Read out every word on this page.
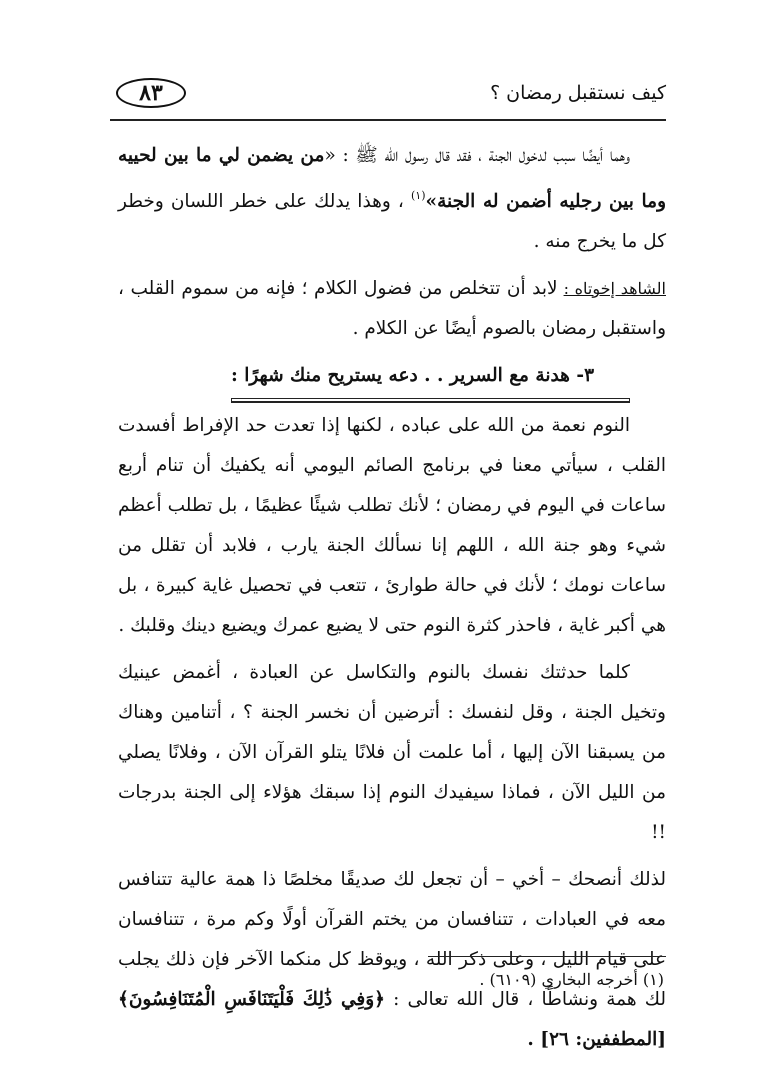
٨٣	كيف نستقبل رمضان ؟

وهما أيضًا سبب لدخول الجنة ، فقد قال رسول الله ﷺ : «من يضمن لي ما بين لحييه وما بين رجليه أضمن له الجنة»$^{(١)}$ ، وهذا يدلك على خطر اللسان وخطر كل ما يخرج منه .

الشاهد إخوتاه :لابد أن تتخلص من فضول الكلام ؛ فإنه من سموم القلب ، واستقبل رمضان بالصوم أيضًا عن الكلام .

٣- هدنة مع السرير . . دعه يستريح منك شهرًا :

النوم نعمة من الله على عباده ، لكنها إذا تعدت حد الإفراط أفسدت القلب ، سيأتي معنا في برنامج الصائم اليومي أنه يكفيك أن تنام أربع ساعات في اليوم في رمضان ؛ لأنك تطلب شيئًا عظيمًا ، بل تطلب أعظم شيء وهو جنة الله ، اللهم إنا نسألك الجنة يارب ، فلابد أن تقلل من ساعات نومك ؛ لأنك في حالة طوارئ ، تتعب في تحصيل غاية كبيرة ، بل هي أكبر غاية ، فاحذر كثرة النوم حتى لا يضيع عمرك ويضيع دينك وقلبك .

كلما حدثتك نفسك بالنوم والتكاسل عن العبادة ، أغمض عينيك وتخيل الجنة ، وقل لنفسك : أترضين أن نخسر الجنة ؟ ، أتنامين وهناك من يسبقنا الآن إليها ، أما علمت أن فلانًا يتلو القرآن الآن ، وفلانًا يصلي من الليل الآن ، فماذا سيفيدك النوم إذا سبقك هؤلاء إلى الجنة بدرجات !!

لذلك أنصحك – أخي – أن تجعل لك صديقًا مخلصًا ذا همة عالية تتنافس معه في العبادات ، تتنافسان من يختم القرآن أولًا وكم مرة ، تتنافسان على قيام الليل ، وعلى ذكر الله ، ويوقظ كل منكما الآخر فإن ذلك يجلب لك همة ونشاطًا ، قال الله تعالى : ﴿وَفِي ذَٰلِكَ فَلْيَتَنَافَسِ الْمُتَنَافِسُونَ﴾ [المطففين: ٢٦] .

(١) أخرجه البخاري (٦١٠٩) .
